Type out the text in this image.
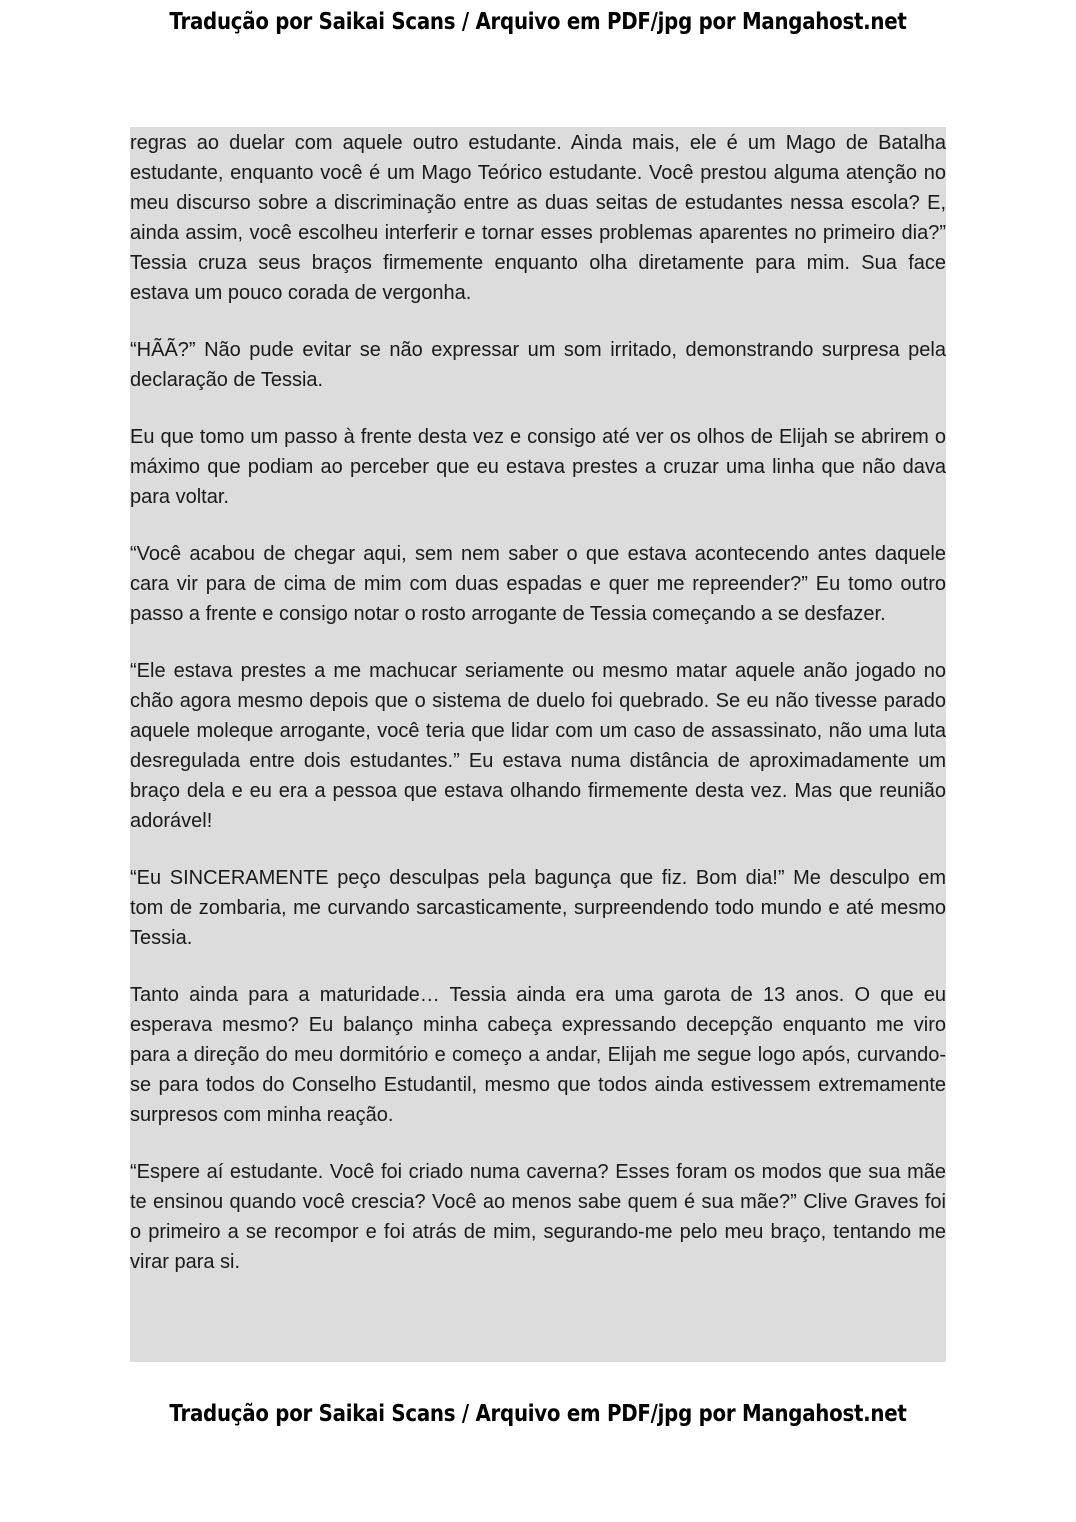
Tradução por Saikai Scans / Arquivo em PDF/jpg por Mangahost.net

regras ao duelar com aquele outro estudante. Ainda mais, ele é um Mago de Batalha estudante, enquanto você é um Mago Teórico estudante. Você prestou alguma atenção no meu discurso sobre a discriminação entre as duas seitas de estudantes nessa escola? E, ainda assim, você escolheu interferir e tornar esses problemas aparentes no primeiro dia?” Tessia cruza seus braços firmemente enquanto olha diretamente para mim. Sua face estava um pouco corada de vergonha.

“HÃÃ?” Não pude evitar se não expressar um som irritado, demonstrando surpresa pela declaração de Tessia.

Eu que tomo um passo à frente desta vez e consigo até ver os olhos de Elijah se abrirem o máximo que podiam ao perceber que eu estava prestes a cruzar uma linha que não dava para voltar.

“Você acabou de chegar aqui, sem nem saber o que estava acontecendo antes daquele cara vir para de cima de mim com duas espadas e quer me repreender?” Eu tomo outro passo a frente e consigo notar o rosto arrogante de Tessia começando a se desfazer.

“Ele estava prestes a me machucar seriamente ou mesmo matar aquele anão jogado no chão agora mesmo depois que o sistema de duelo foi quebrado. Se eu não tivesse parado aquele moleque arrogante, você teria que lidar com um caso de assassinato, não uma luta desregulada entre dois estudantes.” Eu estava numa distância de aproximadamente um braço dela e eu era a pessoa que estava olhando firmemente desta vez. Mas que reunião adorável!

“Eu SINCERAMENTE peço desculpas pela bagunça que fiz. Bom dia!” Me desculpo em tom de zombaria, me curvando sarcasticamente, surpreendendo todo mundo e até mesmo Tessia.

Tanto ainda para a maturidade… Tessia ainda era uma garota de 13 anos. O que eu esperava mesmo? Eu balanço minha cabeça expressando decepção enquanto me viro para a direção do meu dormitório e começo a andar, Elijah me segue logo após, curvando-se para todos do Conselho Estudantil, mesmo que todos ainda estivessem extremamente surpresos com minha reação.

“Espere aí estudante. Você foi criado numa caverna? Esses foram os modos que sua mãe te ensinou quando você crescia? Você ao menos sabe quem é sua mãe?” Clive Graves foi o primeiro a se recompor e foi atrás de mim, segurando-me pelo meu braço, tentando me virar para si.

Tradução por Saikai Scans / Arquivo em PDF/jpg por Mangahost.net
